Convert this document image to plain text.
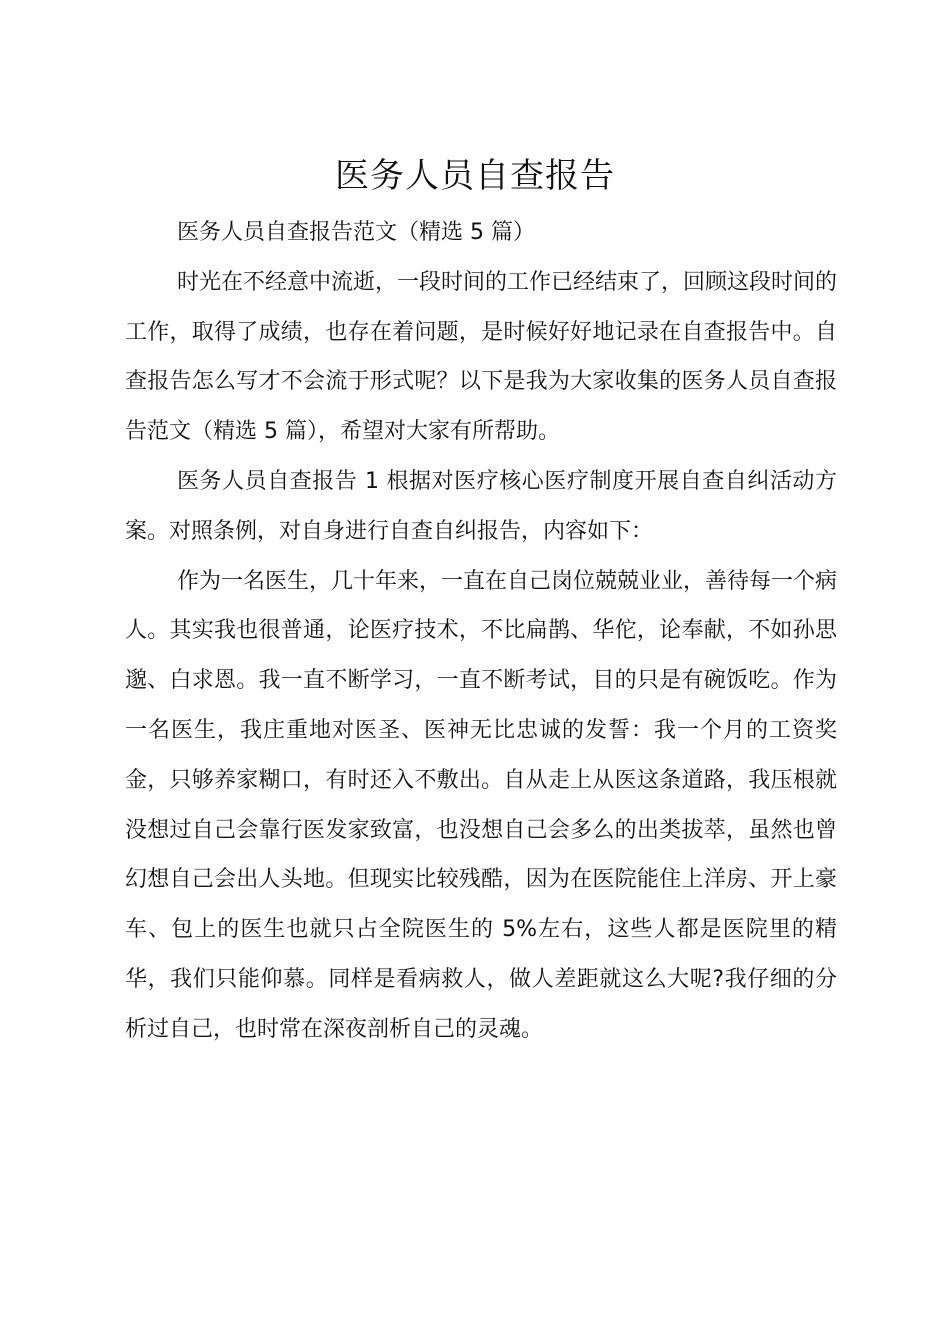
医务人员自查报告

医务人员自查报告范文（精选 5 篇）

时光在不经意中流逝，一段时间的工作已经结束了，回顾这段时间的工作，取得了成绩，也存在着问题，是时候好好地记录在自查报告中。自查报告怎么写才不会流于形式呢？以下是我为大家收集的医务人员自查报告范文（精选 5 篇），希望对大家有所帮助。

医务人员自查报告 1 根据对医疗核心医疗制度开展自查自纠活动方案。对照条例，对自身进行自查自纠报告，内容如下：

作为一名医生，几十年来，一直在自己岗位兢兢业业，善待每一个病人。其实我也很普通，论医疗技术，不比扁鹊、华佗，论奉献，不如孙思邈、白求恩。我一直不断学习，一直不断考试，目的只是有碗饭吃。作为一名医生，我庄重地对医圣、医神无比忠诚的发誓：我一个月的工资奖金，只够养家糊口，有时还入不敷出。自从走上从医这条道路，我压根就没想过自己会靠行医发家致富，也没想自己会多么的出类拔萃，虽然也曾幻想自己会出人头地。但现实比较残酷，因为在医院能住上洋房、开上豪车、包上的医生也就只占全院医生的 5%左右，这些人都是医院里的精华，我们只能仰慕。同样是看病救人，做人差距就这么大呢?我仔细的分析过自己，也时常在深夜剖析自己的灵魂。
